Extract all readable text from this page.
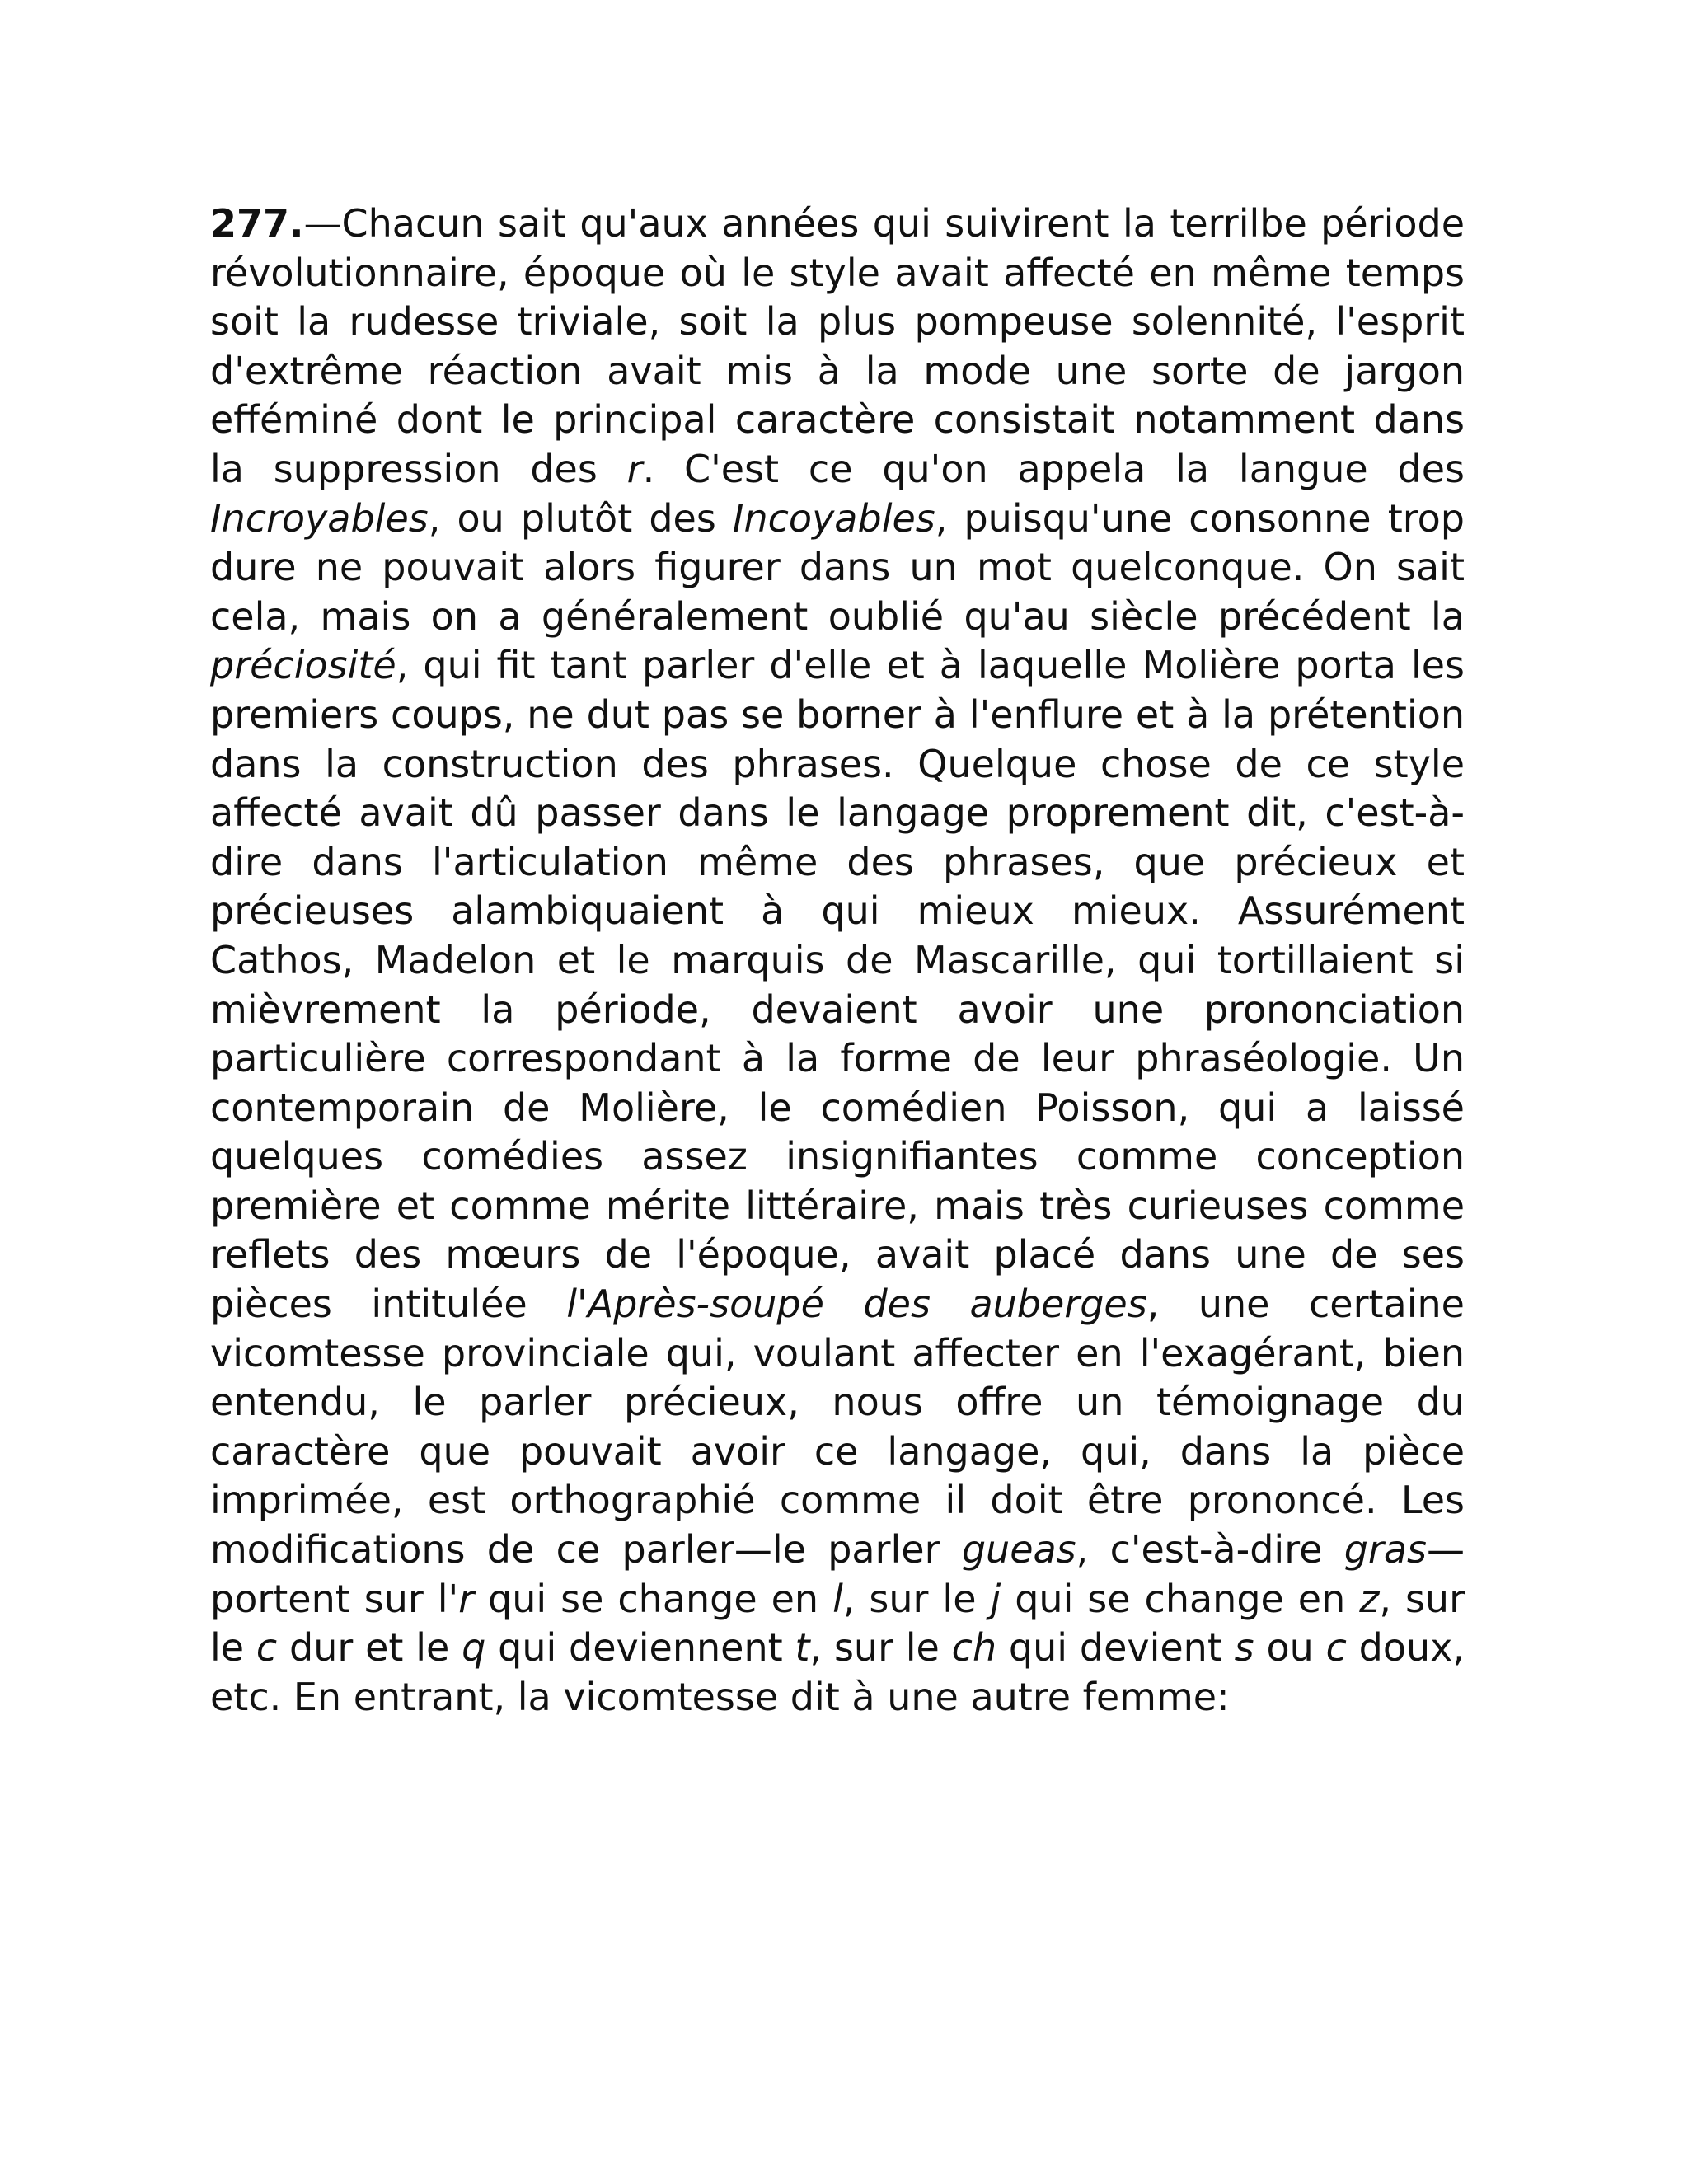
277.—Chacun sait qu'aux années qui suivirent la terrilbe période révolutionnaire, époque où le style avait affecté en même temps soit la rudesse triviale, soit la plus pompeuse solennité, l'esprit d'extrême réaction avait mis à la mode une sorte de jargon efféminé dont le principal caractère consistait notamment dans la suppression des r. C'est ce qu'on appela la langue des Incroyables, ou plutôt des Incoyables, puisqu'une consonne trop dure ne pouvait alors figurer dans un mot quelconque. On sait cela, mais on a généralement oublié qu'au siècle précédent la préciosité, qui fit tant parler d'elle et à laquelle Molière porta les premiers coups, ne dut pas se borner à l'enflure et à la prétention dans la construction des phrases. Quelque chose de ce style affecté avait dû passer dans le langage proprement dit, c'est-à-dire dans l'articulation même des phrases, que précieux et précieuses alambiquaient à qui mieux mieux. Assurément Cathos, Madelon et le marquis de Mascarille, qui tortillaient si mièvrement la période, devaient avoir une prononciation particulière correspondant à la forme de leur phraséologie. Un contemporain de Molière, le comédien Poisson, qui a laissé quelques comédies assez insignifiantes comme conception première et comme mérite littéraire, mais très curieuses comme reflets des mœurs de l'époque, avait placé dans une de ses pièces intitulée l'Après-soupé des auberges, une certaine vicomtesse provinciale qui, voulant affecter en l'exagérant, bien entendu, le parler précieux, nous offre un témoignage du caractère que pouvait avoir ce langage, qui, dans la pièce imprimée, est orthographié comme il doit être prononcé. Les modifications de ce parler—le parler gueas, c'est-à-dire gras—portent sur l'r qui se change en l, sur le j qui se change en z, sur le c dur et le q qui deviennent t, sur le ch qui devient s ou c doux, etc. En entrant, la vicomtesse dit à une autre femme:
